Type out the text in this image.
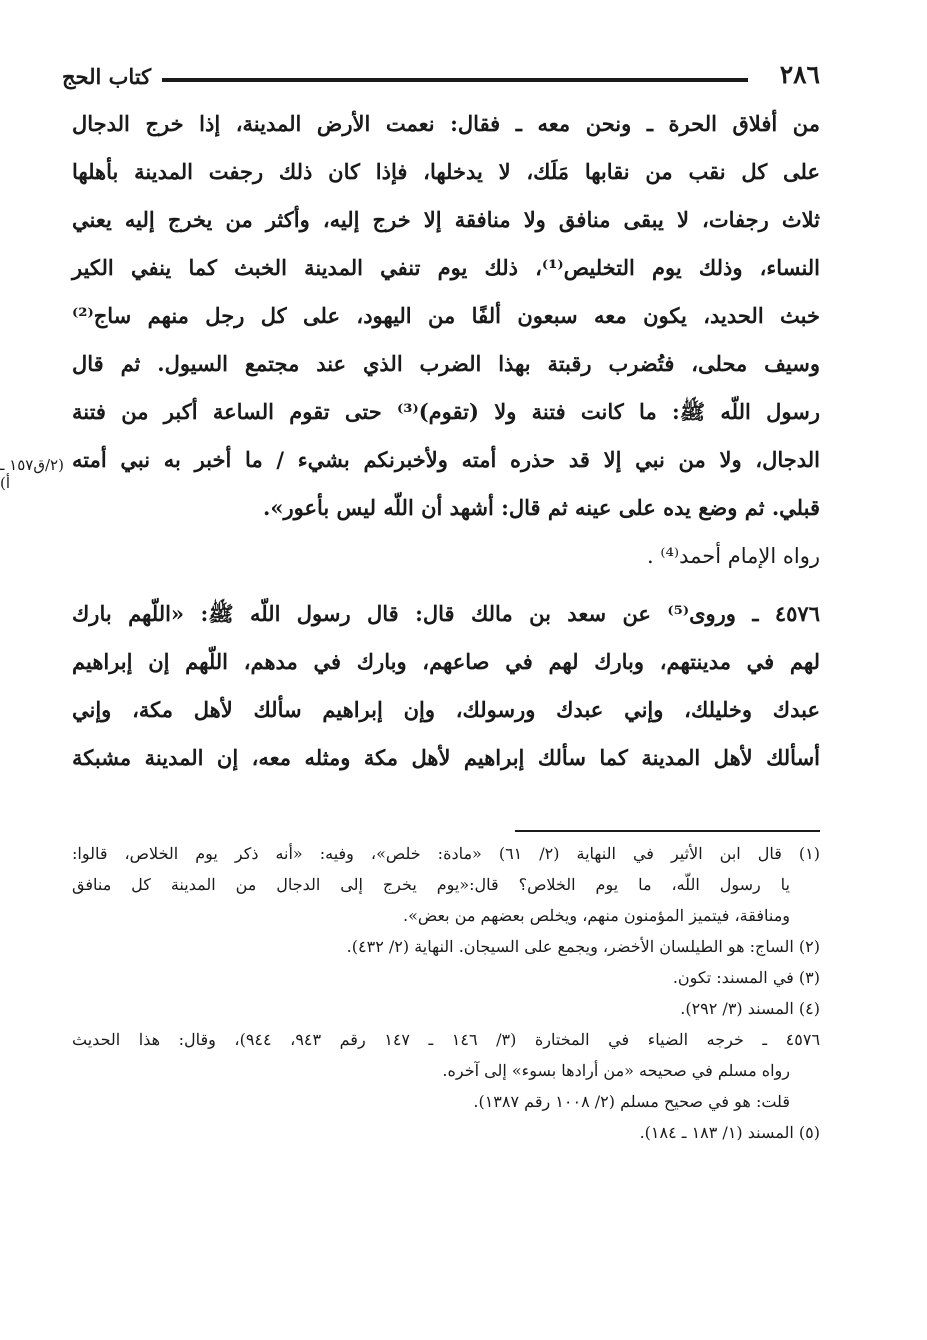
٢٨٦
كتاب الحج
(٢/ق١٥٧ ـ أ)
من أفلاق الحرة ـ ونحن معه ـ فقال: نعمت الأرض المدينة، إذا خرج الدجال
على كل نقب من نقابها مَلَك، لا يدخلها، فإذا كان ذلك رجفت المدينة بأهلها
ثلاث رجفات، لا يبقى منافق ولا منافقة إلا خرج إليه، وأكثر من يخرج إليه يعني
النساء، وذلك يوم التخليص⁽¹⁾، ذلك يوم تنفي المدينة الخبث كما ينفي الكير
خبث الحديد، يكون معه سبعون ألفًا من اليهود، على كل رجل منهم ساج⁽²⁾
وسيف محلى، فتُضرب رقبتة بهذا الضرب الذي عند مجتمع السيول. ثم قال
رسول اللّه ﷺ: ما كانت فتنة ولا (تقوم)⁽³⁾ حتى تقوم الساعة أكبر من فتنة
الدجال، ولا من نبي إلا قد حذره أمته ولأخبرنكم بشيء / ما أخبر به نبي أمته
قبلي. ثم وضع يده على عينه ثم قال: أشهد أن اللّه ليس بأعور».
رواه الإمام أحمد⁽⁴⁾ .
٤٥٧٦ ـ وروى⁽⁵⁾ عن سعد بن مالك قال: قال رسول اللّه ﷺ: «اللّهم بارك
لهم في مدينتهم، وبارك لهم في صاعهم، وبارك في مدهم، اللّهم إن إبراهيم
عبدك وخليلك، وإني عبدك ورسولك، وإن إبراهيم سألك لأهل مكة، وإني
أسألك لأهل المدينة كما سألك إبراهيم لأهل مكة ومثله معه، إن المدينة مشبكة
(١) قال ابن الأثير في النهاية (٢/ ٦١) «مادة: خلص»، وفيه: «أنه ذكر يوم الخلاص، قالوا:
يا رسول اللّه، ما يوم الخلاص؟ قال:«يوم يخرج إلى الدجال من المدينة كل منافق
ومنافقة، فيتميز المؤمنون منهم، ويخلص بعضهم من بعض».
(٢) الساج: هو الطيلسان الأخضر، ويجمع على السيجان. النهاية (٢/ ٤٣٢).
(٣) في المسند: تكون.
(٤) المسند (٣/ ٢٩٢).
٤٥٧٦ ـ خرجه الضياء في المختارة (٣/ ١٤٦ ـ ١٤٧ رقم ٩٤٣، ٩٤٤)، وقال: هذا الحديث
رواه مسلم في صحيحه «من أرادها بسوء» إلى آخره.
قلت: هو في صحيح مسلم (٢/ ١٠٠٨ رقم ١٣٨٧).
(٥) المسند (١/ ١٨٣ ـ ١٨٤).
